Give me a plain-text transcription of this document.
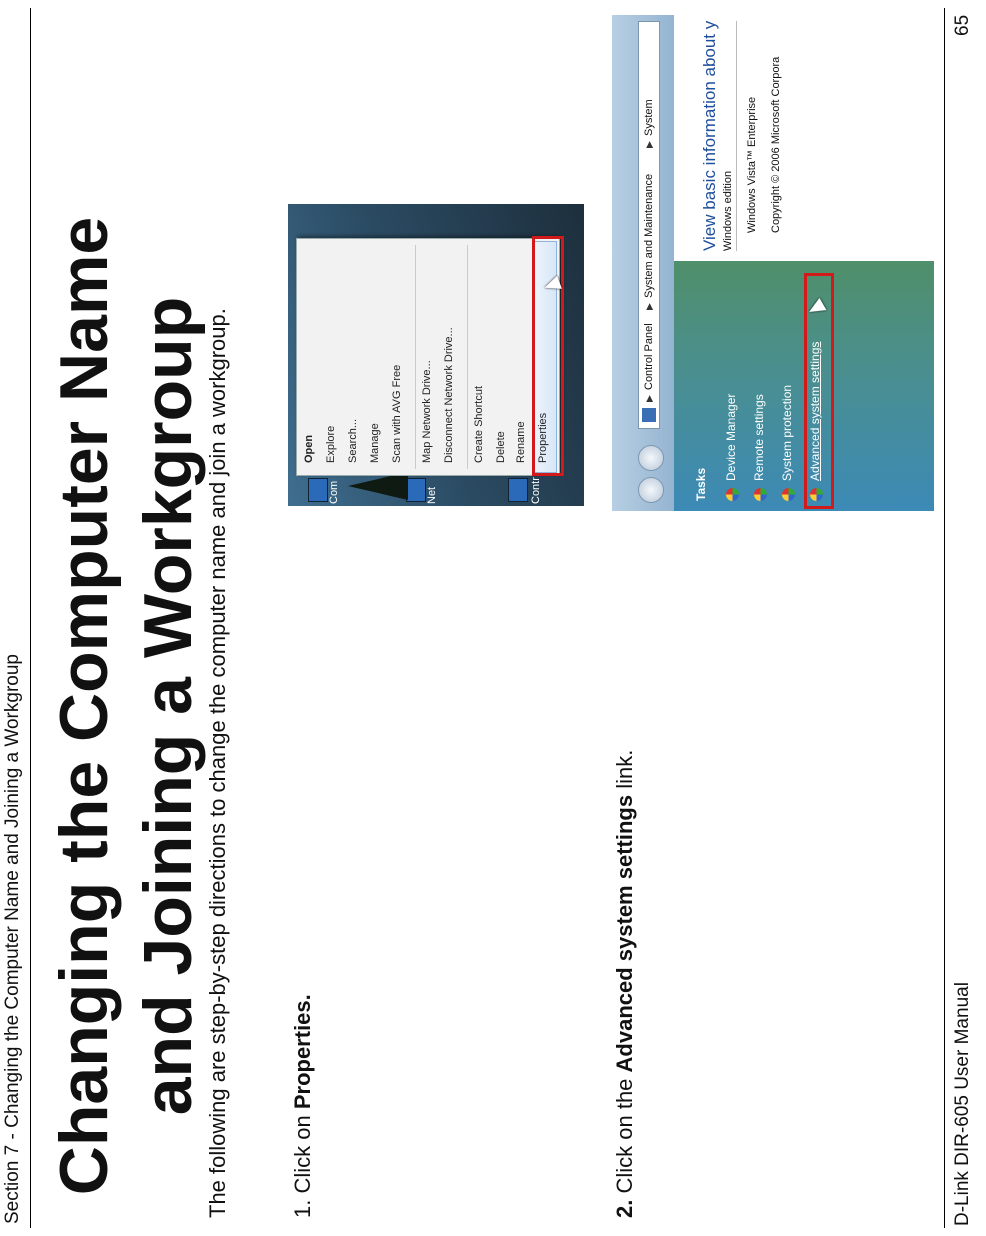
Section 7 - Changing the Computer Name and Joining a Workgroup Changing the Computer Name and Joining a Workgroup The following are step-by-step directions to change the computer name and join a workgroup.	1. Click on Properties.
2. Click on the Advanced system settings link.
Com	Net	Contr
Open Explore Search... Manage Scan with AVG Free Map Network Drive... Disconnect Network Drive... Create Shortcut Delete Rename Properties
▶
Control Panel
▶
System and Maintenance
▶
System
Tasks
Device Manager Remote settings System protection Advanced system settings
View basic information about y Windows edition Windows Vista™ Enterprise Copyright © 2006 Microsoft Corpora
D-Link DIR-605 User Manual
65
